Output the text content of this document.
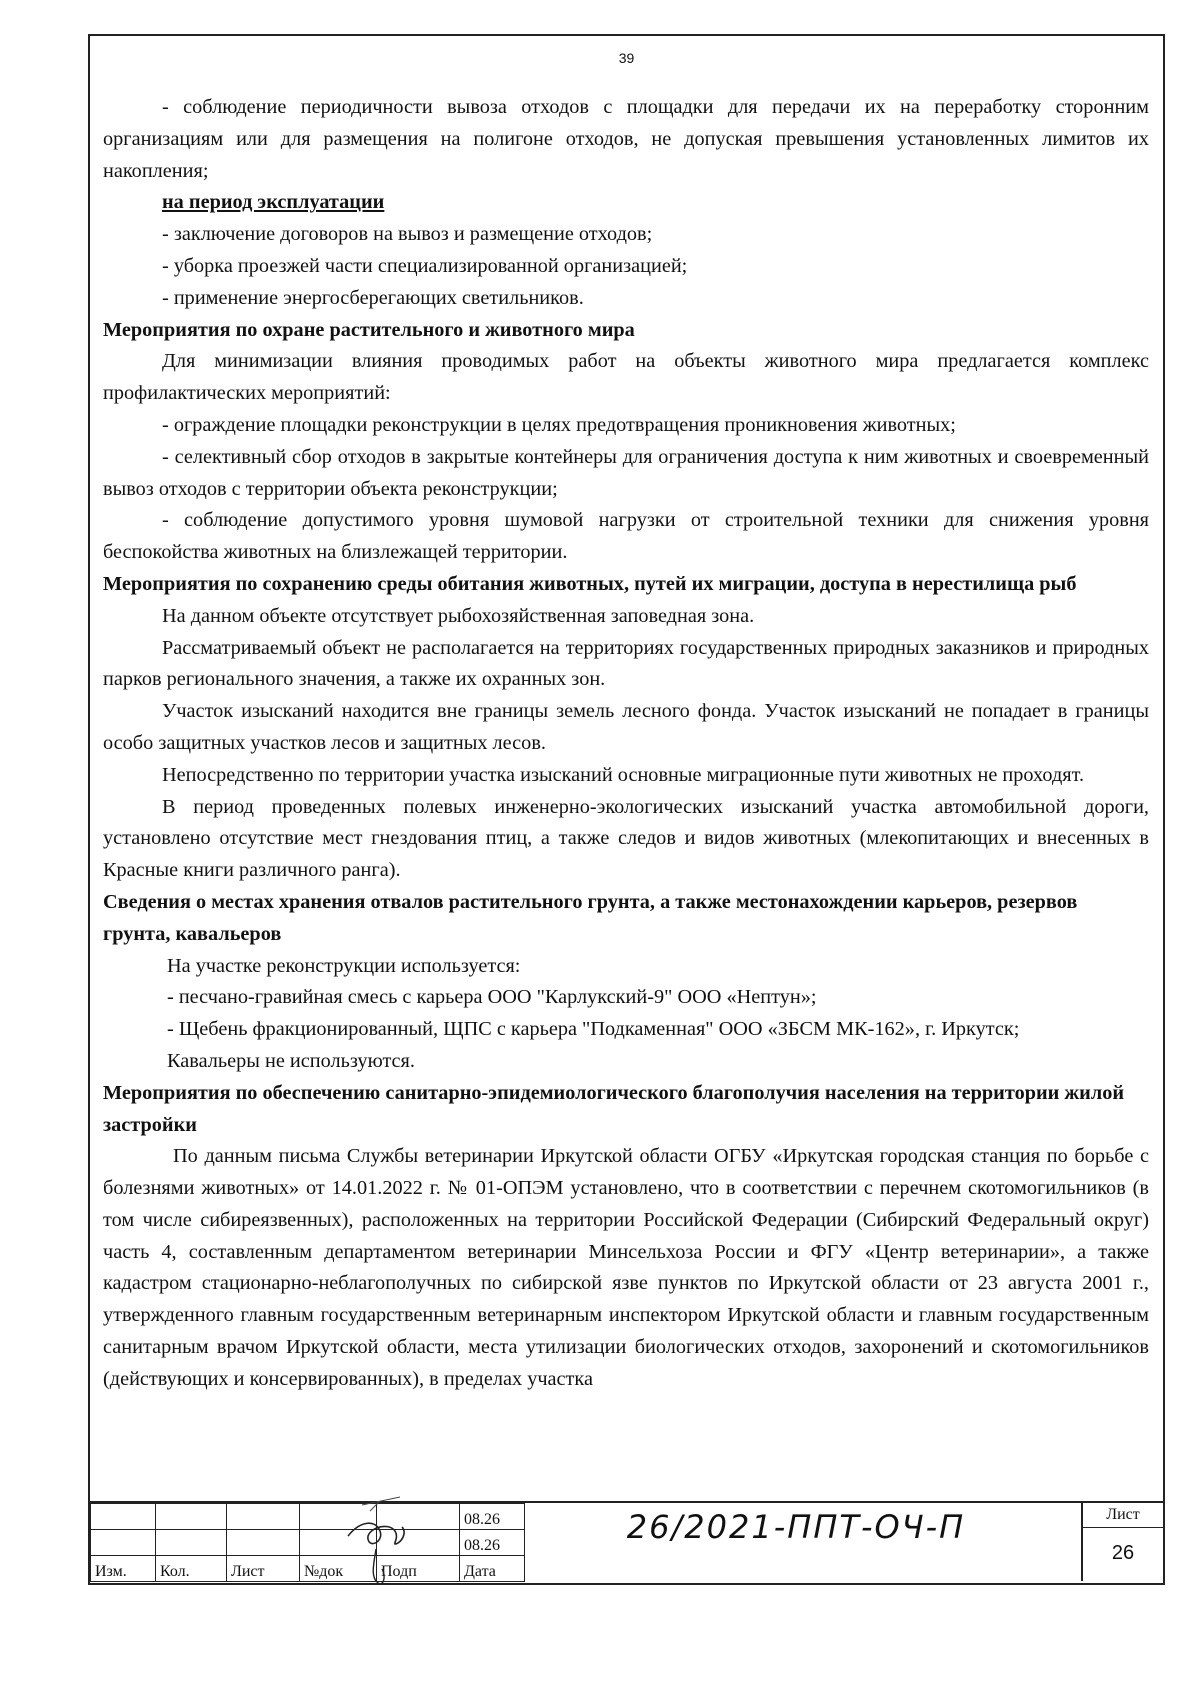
39

- соблюдение периодичности вывоза отходов с площадки для передачи их на переработку сторонним организациям или для размещения на полигоне отходов, не допуская превышения установленных лимитов их накопления;

на период эксплуатации

- заключение договоров на вывоз и размещение отходов;

- уборка проезжей части специализированной организацией;

- применение энергосберегающих светильников.

Мероприятия по охране растительного и животного мира

Для минимизации влияния проводимых работ на объекты животного мира предлагается комплекс профилактических мероприятий:

- ограждение площадки реконструкции в целях предотвращения проникновения животных;

- селективный сбор отходов в закрытые контейнеры для ограничения доступа к ним животных и своевременный вывоз отходов с территории объекта реконструкции;

- соблюдение допустимого уровня шумовой нагрузки от строительной техники для снижения уровня беспокойства животных на близлежащей территории.

Мероприятия по сохранению среды обитания животных, путей их миграции, доступа в нерестилища рыб

На данном объекте отсутствует рыбохозяйственная заповедная зона.

Рассматриваемый объект не располагается на территориях государственных природных заказников и природных парков регионального значения, а также их охранных зон.

Участок изысканий находится вне границы земель лесного фонда. Участок изысканий не попадает в границы особо защитных участков лесов и защитных лесов.

Непосредственно по территории участка изысканий основные миграционные пути животных не проходят.

В период проведенных полевых инженерно-экологических изысканий участка автомобильной дороги, установлено отсутствие мест гнездования птиц, а также следов и видов животных (млекопитающих и внесенных в Красные книги различного ранга).

Сведения о местах хранения отвалов растительного грунта, а также местонахождении карьеров, резервов грунта, кавальеров

На участке реконструкции используется:

- песчано-гравийная смесь с карьера ООО "Карлукский-9" ООО «Нептун»;

- Щебень фракционированный, ЩПС с карьера "Подкаменная" ООО «ЗБСМ МК-162», г. Иркутск;

Кавальеры не используются.

Мероприятия по обеспечению санитарно-эпидемиологического благополучия населения на территории жилой застройки

По данным письма Службы ветеринарии Иркутской области ОГБУ «Иркутская городская станция по борьбе с болезнями животных» от 14.01.2022 г. № 01-ОПЭМ установлено, что в соответствии с перечнем скотомогильников (в том числе сибиреязвенных), расположенных на территории Российской Федерации (Сибирский Федеральный округ) часть 4, составленным департаментом ветеринарии Минсельхоза России и ФГУ «Центр ветеринарии», а также кадастром стационарно-неблагополучных по сибирской язве пунктов по Иркутской области от 23 августа 2001 г., утвержденного главным государственным ветеринарным инспектором Иркутской области и главным государственным санитарным врачом Иркутской области, места утилизации биологических отходов, захоронений и скотомогильников (действующих и консервированных), в пределах участка

					08.26
					08.26
Изм.	Кол.	Лист	№док	Подп	Дата
26/2021-ППТ-ОЧ-П	Лист
26
